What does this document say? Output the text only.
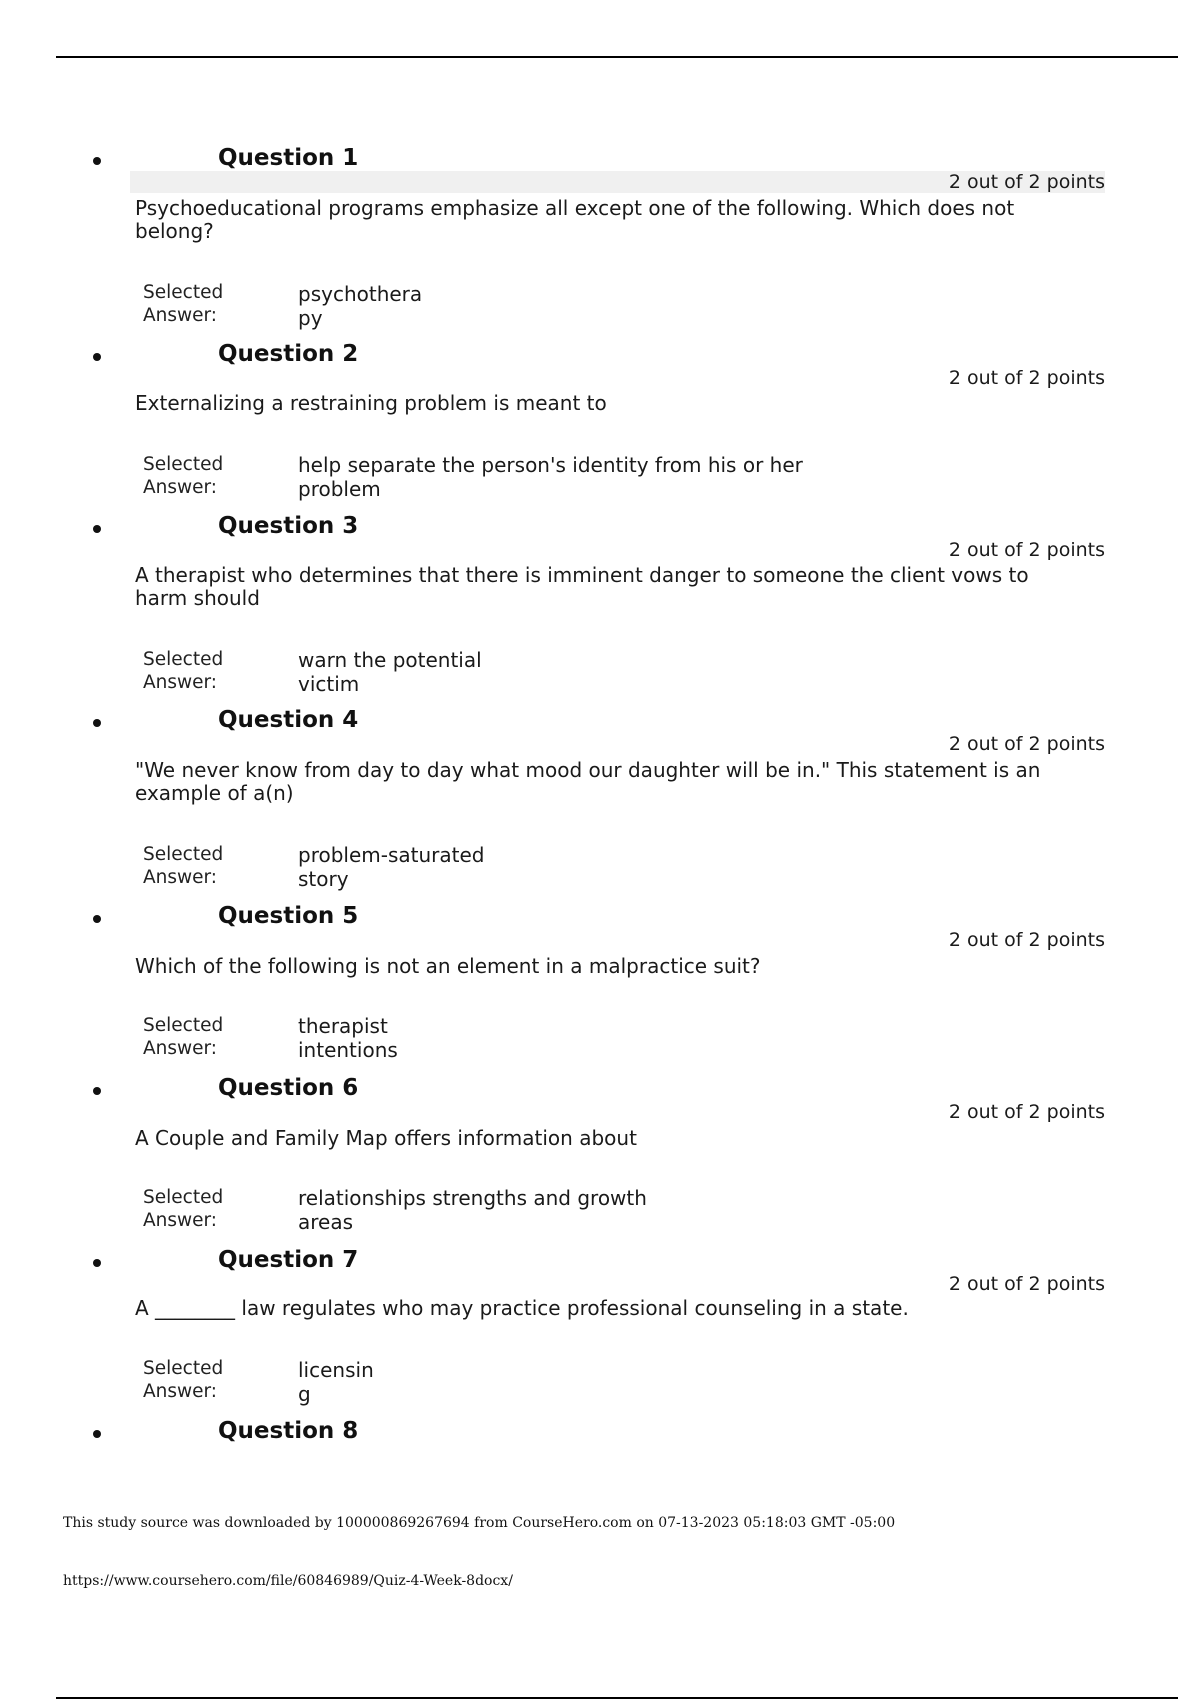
Question 1
2 out of 2 points
Psychoeducational programs emphasize all except one of the following. Which does not belong?
Selected Answer:
psychotherapy
Question 2
2 out of 2 points
Externalizing a restraining problem is meant to
Selected Answer:
help separate the person's identity from his or her problem
Question 3
2 out of 2 points
A therapist who determines that there is imminent danger to someone the client vows to harm should
Selected Answer:
warn the potential victim
Question 4
2 out of 2 points
"We never know from day to day what mood our daughter will be in." This statement is an example of a(n)
Selected Answer:
problem-saturated story
Question 5
2 out of 2 points
Which of the following is not an element in a malpractice suit?
Selected Answer:
therapist intentions
Question 6
2 out of 2 points
A Couple and Family Map offers information about
Selected Answer:
relationships strengths and growth areas
Question 7
2 out of 2 points
A ________ law regulates who may practice professional counseling in a state.
Selected Answer:
licensing
Question 8
This study source was downloaded by 100000869267694 from CourseHero.com on 07-13-2023 05:18:03 GMT -05:00
https://www.coursehero.com/file/60846989/Quiz-4-Week-8docx/
